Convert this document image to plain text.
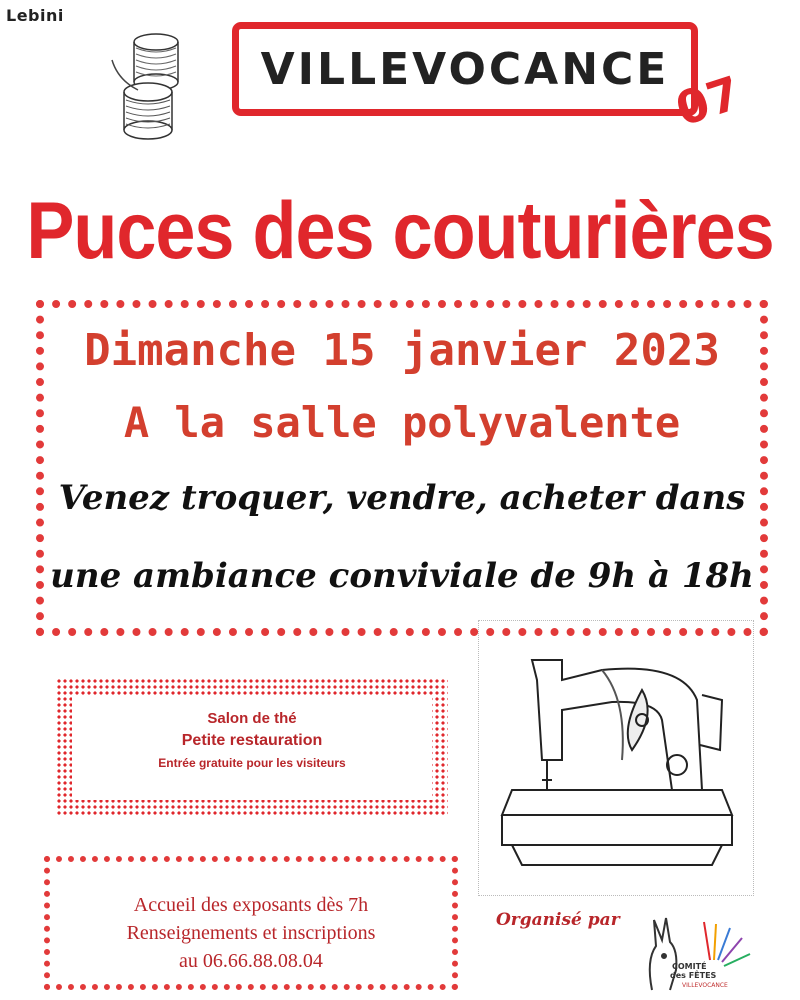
Lebini
VILLEVOCANCE 07
Puces des couturières
Dimanche 15 janvier 2023
A la salle polyvalente
Venez troquer, vendre, acheter dans
une ambiance conviviale de 9h à 18h
Salon de thé
Petite restauration
Entrée gratuite pour les visiteurs
Accueil des exposants dès 7h
Renseignements et inscriptions
au 06.66.88.08.04
Organisé par
COMITÉ
des FÊTES
VILLEVOCANCE
